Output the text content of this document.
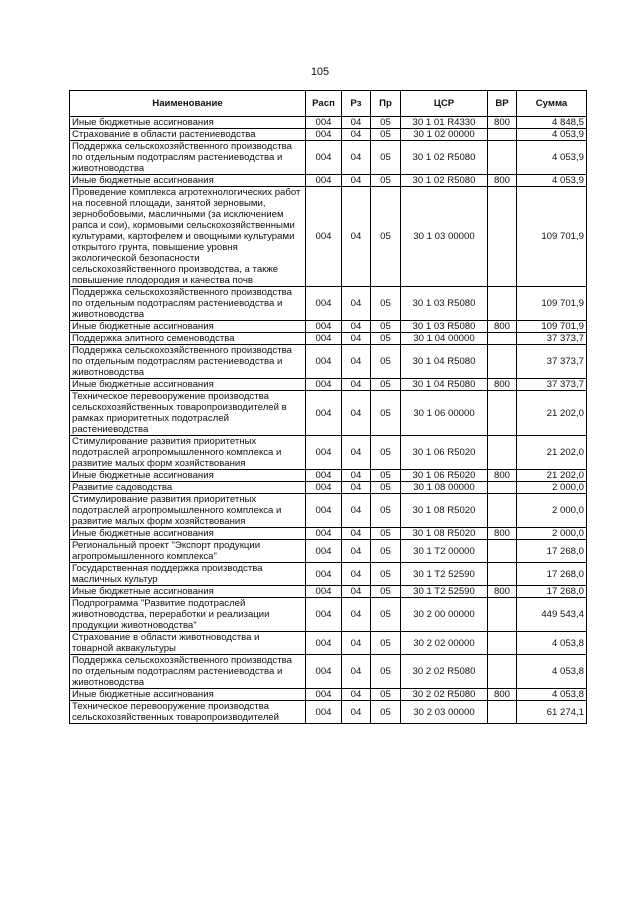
105
Наименование	Расп	Рз	Пр	ЦСР	ВР	Сумма
Иные бюджетные ассигнования	004	04	05	30 1 01 R4330	800	4 848,5
Страхование в области растениеводства	004	04	05	30 1 02 00000		4 053,9
Поддержка сельскохозяйственного производства по отдельным подотраслям растениеводства и животноводства	004	04	05	30 1 02 R5080		4 053,9
Иные бюджетные ассигнования	004	04	05	30 1 02 R5080	800	4 053,9
Проведение комплекса агротехнологических работ на посевной площади, занятой зерновыми, зернобобовыми, масличными (за исключением рапса и сои), кормовыми сельскохозяйственными культурами, картофелем и овощными культурами открытого грунта, повышение уровня экологической безопасности сельскохозяйственного производства, а также повышение плодородия и качества почв	004	04	05	30 1 03 00000		109 701,9
Поддержка сельскохозяйственного производства по отдельным подотраслям растениеводства и животноводства	004	04	05	30 1 03 R5080		109 701,9
Иные бюджетные ассигнования	004	04	05	30 1 03 R5080	800	109 701,9
Поддержка элитного семеноводства	004	04	05	30 1 04 00000		37 373,7
Поддержка сельскохозяйственного производства по отдельным подотраслям растениеводства и животноводства	004	04	05	30 1 04 R5080		37 373,7
Иные бюджетные ассигнования	004	04	05	30 1 04 R5080	800	37 373,7
Техническое перевооружение производства сельскохозяйственных товаропроизводителей в рамках приоритетных подотраслей растениеводства	004	04	05	30 1 06 00000		21 202,0
Стимулирование развития приоритетных подотраслей агропромышленного комплекса и развитие малых форм хозяйствования	004	04	05	30 1 06 R5020		21 202,0
Иные бюджетные ассигнования	004	04	05	30 1 06 R5020	800	21 202,0
Развитие садоводства	004	04	05	30 1 08 00000		2 000,0
Стимулирование развития приоритетных подотраслей агропромышленного комплекса и развитие малых форм хозяйствования	004	04	05	30 1 08 R5020		2 000,0
Иные бюджетные ассигнования	004	04	05	30 1 08 R5020	800	2 000,0
Региональный проект "Экспорт продукции агропромышленного комплекса"	004	04	05	30 1 T2 00000		17 268,0
Государственная поддержка производства масличных культур	004	04	05	30 1 T2 52590		17 268,0
Иные бюджетные ассигнования	004	04	05	30 1 T2 52590	800	17 268,0
Подпрограмма "Развитие подотраслей животноводства, переработки и реализации продукции животноводства"	004	04	05	30 2 00 00000		449 543,4
Страхование в области животноводства и товарной аквакультуры	004	04	05	30 2 02 00000		4 053,8
Поддержка сельскохозяйственного производства по отдельным подотраслям растениеводства и животноводства	004	04	05	30 2 02 R5080		4 053,8
Иные бюджетные ассигнования	004	04	05	30 2 02 R5080	800	4 053,8
Техническое перевооружение производства сельскохозяйственных товаропроизводителей	004	04	05	30 2 03 00000		61 274,1
